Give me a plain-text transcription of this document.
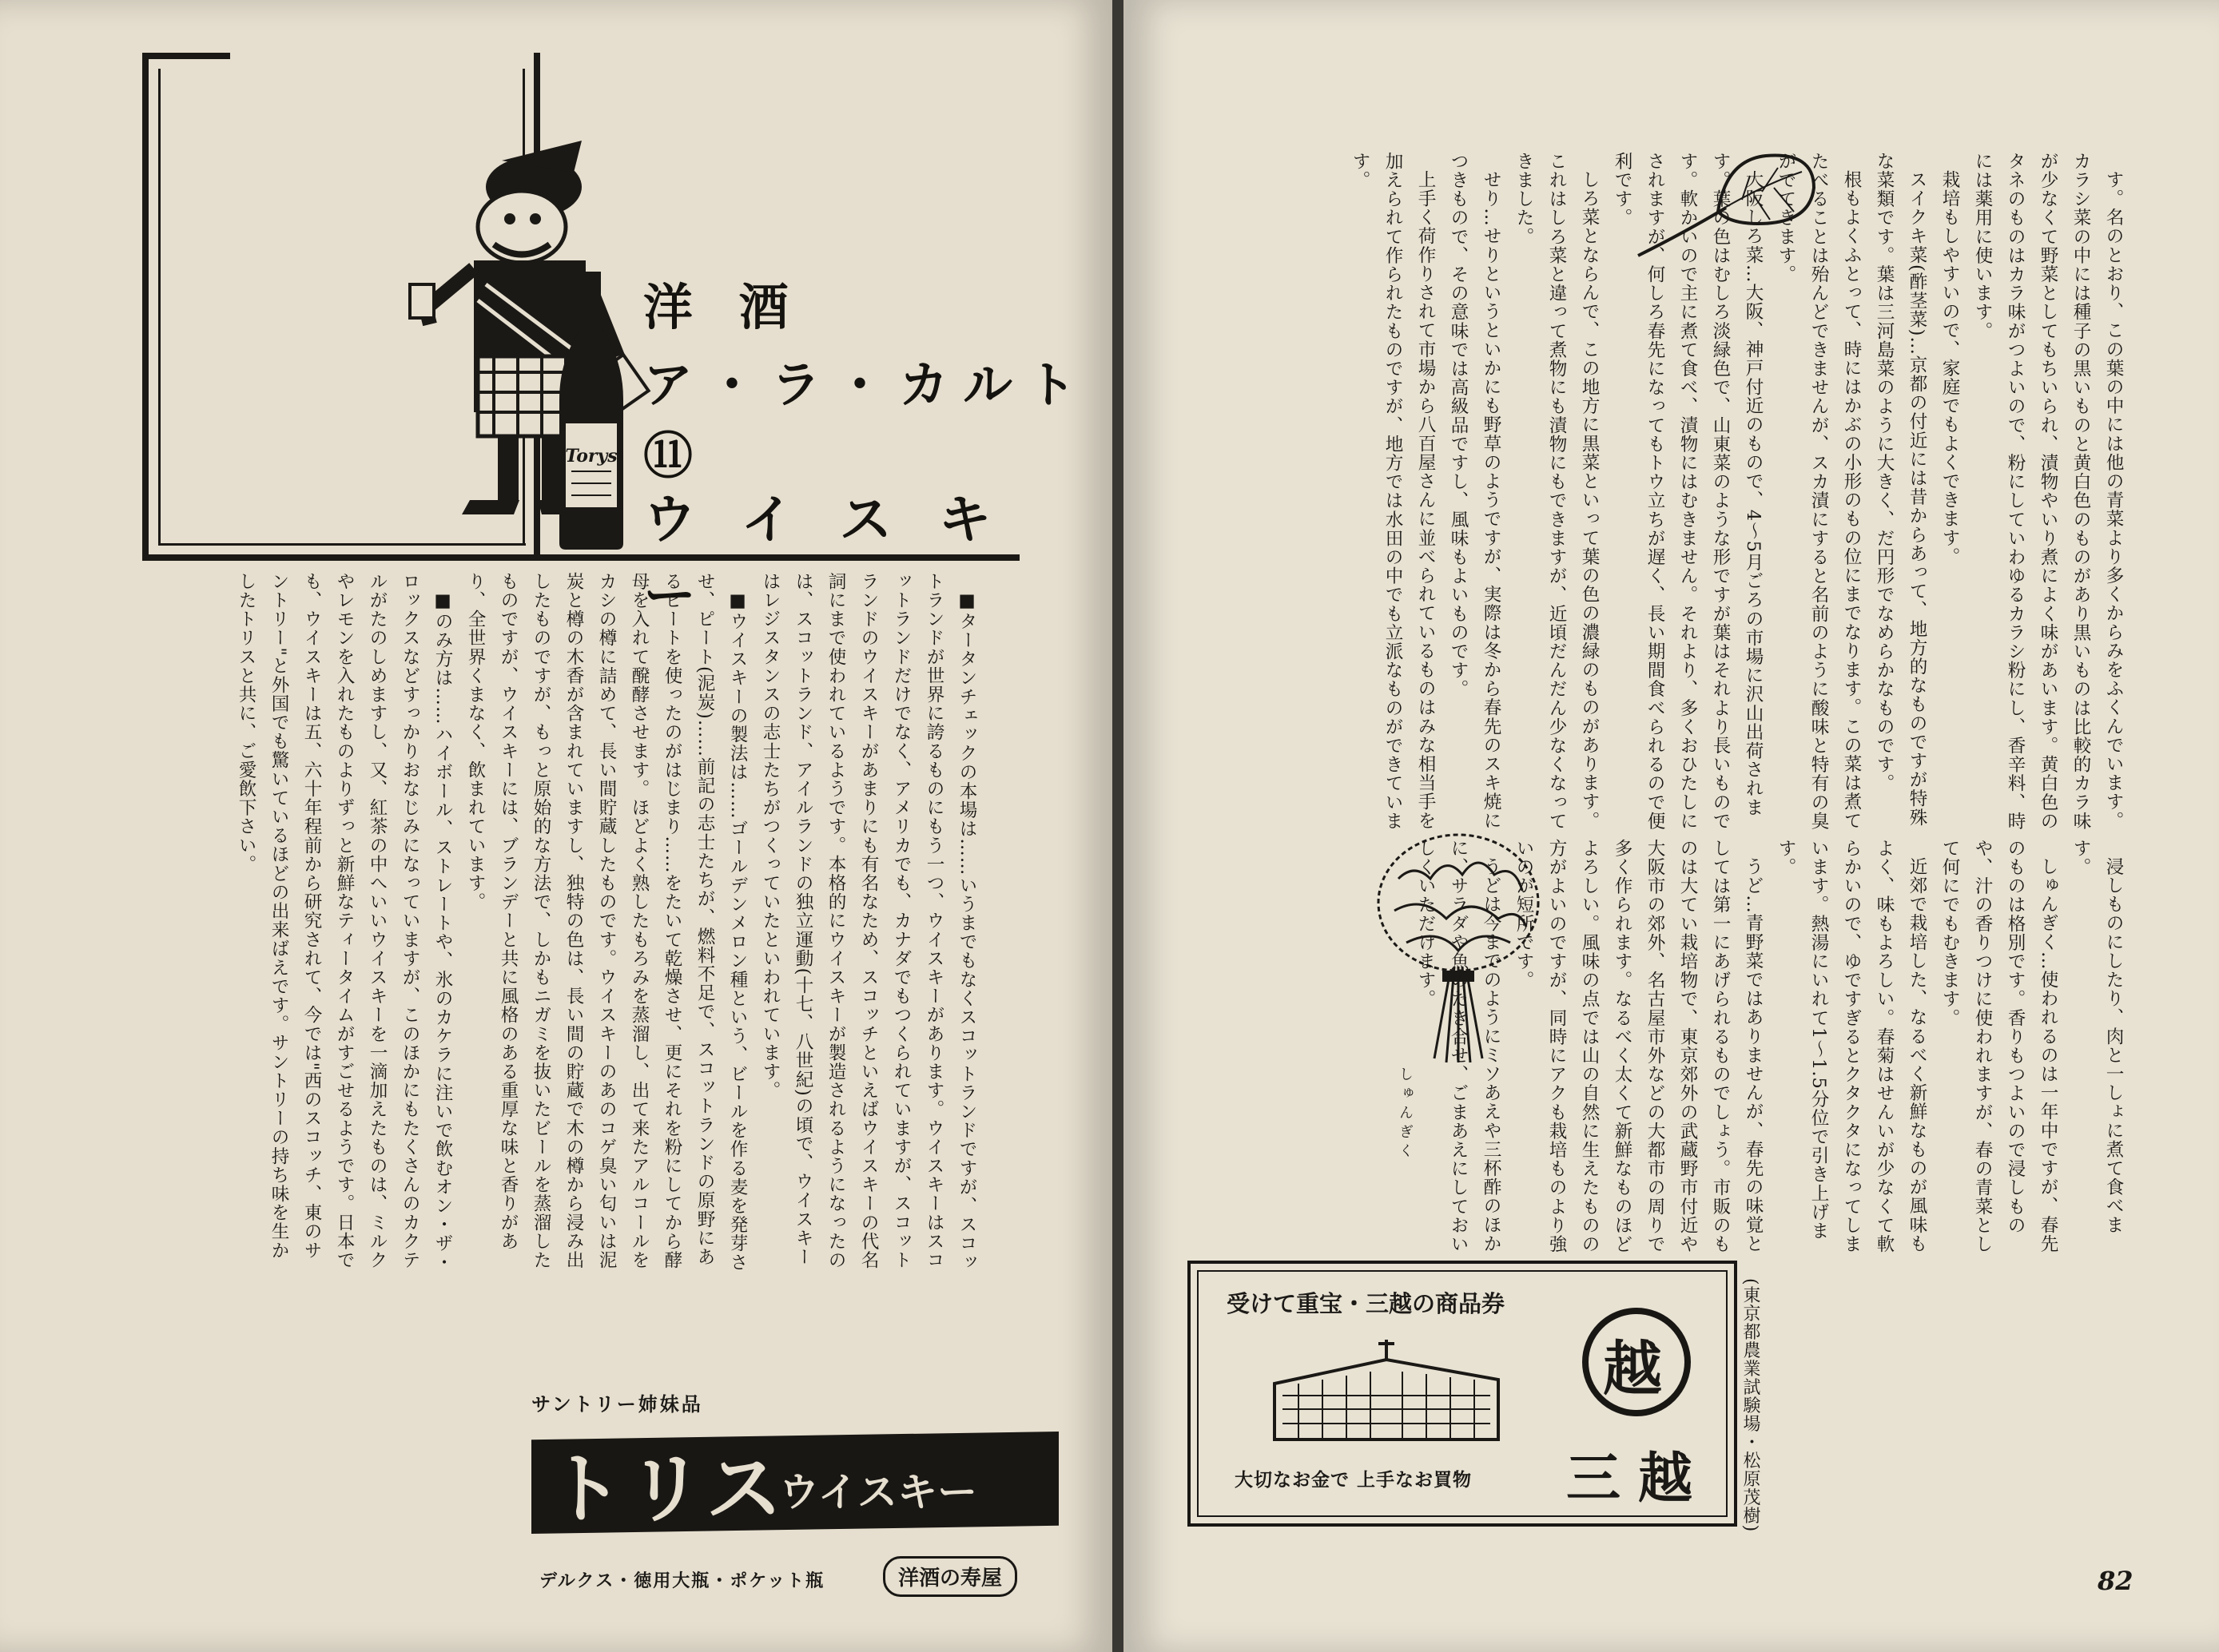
Torys
洋 酒
ア・ラ・カルト⑪
ウイスキー	■タータンチェックの本場は……いうまでもなくスコットランドですが、スコットランドが世界に誇るものにもう一つ、ウイスキーがあります。ウイスキーはスコットランドだけでなく、アメリカでも、カナダでもつくられていますが、スコットランドのウイスキーがあまりにも有名なため、スコッチといえばウイスキーの代名詞にまで使われているようです。本格的にウイスキーが製造されるようになったのは、スコットランド、アイルランドの独立運動(十七、八世紀)の頃で、ウイスキーはレジスタンスの志士たちがつくっていたといわれています。

■ウイスキーの製法は……ゴールデンメロン種という、ビールを作る麦を発芽させ、ピート(泥炭)……前記の志士たちが、燃料不足で、スコットランドの原野にあるピートを使ったのがはじまり……をたいて乾燥させ、更にそれを粉にしてから酵母を入れて醗酵させます。ほどよく熟したもろみを蒸溜し、出て来たアルコールをカシの樽に詰めて、長い間貯蔵したものです。ウイスキーのあのコゲ臭い匂いは泥炭と樽の木香が含まれていますし、独特の色は、長い間の貯蔵で木の樽から浸み出したものですが、もっと原始的な方法で、しかもニガミを抜いたビールを蒸溜したものですが、ウイスキーには、ブランデーと共に風格のある重厚な味と香りがあり、全世界くまなく、飲まれています。

■のみ方は……ハイボール、ストレートや、氷のカケラに注いで飲むオン・ザ・ロックスなどすっかりおなじみになっていますが、このほかにもたくさんのカクテルがたのしめますし、又、紅茶の中へいいウイスキーを一滴加えたものは、ミルクやレモンを入れたものよりずっと新鮮なティータイムがすごせるようです。日本でも、ウイスキーは五、六十年程前から研究されて、今では"西のスコッチ、東のサントリー"と外国でも驚いているほどの出来ばえです。サントリーの持ち味を生かしたトリスと共に、ご愛飲下さい。

サントリー姉妹品
トリス
ウイスキー
デルクス・徳用大瓶・ポケット瓶	洋酒の寿屋

す。名のとおり、この葉の中には他の青菜より多くからみをふくんでいます。カラシ菜の中には種子の黒いものと黄白色のものがあり黒いものは比較的カラ味が少なくて野菜としてもちいられ、漬物やいり煮によく味があいます。黄白色のタネのものはカラ味がつよいので、粉にしていわゆるカラシ粉にし、香辛料、時には薬用に使います。

栽培もしやすいので、家庭でもよくできます。

スイクキ菜(酢茎菜)…京都の付近には昔からあって、地方的なものですが特殊な菜類です。葉は三河島菜のように大きく、だ円形でなめらかなものです。

根もよくふとって、時にはかぶの小形のもの位にまでなります。この菜は煮てたべることは殆んどできませんが、スカ漬にすると名前のように酸味と特有の臭がでてきます。

大阪しろ菜…大阪、神戸付近のもので、4〜5月ごろの市場に沢山出荷されます。葉の色はむしろ淡緑色で、山東菜のような形ですが葉はそれより長いものです。軟かいので主に煮て食べ、漬物にはむきません。それより、多くおひたしにされますが、何しろ春先になってもトウ立ちが遅く、長い期間食べられるので便利です。

しろ菜とならんで、この地方に黒菜といって葉の色の濃緑のものがあります。これはしろ菜と違って煮物にも漬物にもできますが、近頃だんだん少なくなってきました。

せり…せりというといかにも野草のようですが、実際は冬から春先のスキ焼につきもので、その意味では高級品ですし、風味もよいものです。

上手く荷作りされて市場から八百屋さんに並べられているものはみな相当手を加えられて作られたものですが、地方では水田の中でも立派なものができています。

しゅんぎく	浸しものにしたり、肉と一しょに煮て食べます。

しゅんぎく…使われるのは一年中ですが、春先のものは格別です。香りもつよいので浸しものや、汁の香りつけに使われますが、春の青菜として何にでもむきます。

近郊で栽培した、なるべく新鮮なものが風味もよく、味もよろしい。春菊はせんいが少なくて軟らかいので、ゆですぎるとクタクタになってしまいます。熱湯にいれて1〜1.5分位で引き上げます。

うど…青野菜ではありませんが、春先の味覚としては第一にあげられるものでしょう。市販のものは大てい栽培物で、東京郊外の武蔵野市付近や大阪市の郊外、名古屋市外などの大都市の周りで多く作られます。なるべく太くて新鮮なものほどよろしい。風味の点では山の自然に生えたものの方がよいのですが、同時にアクも栽培ものより強いのが短所です。

うどは今までのようにミソあえや三杯酢のほかに、サラダや魚のたき合せ、ごまあえにしておいしくいただけます。

(東京都農業試験場・松原茂樹)
受けて重宝・三越の商品券
越
三越
大切なお金で 上手なお買物
82
